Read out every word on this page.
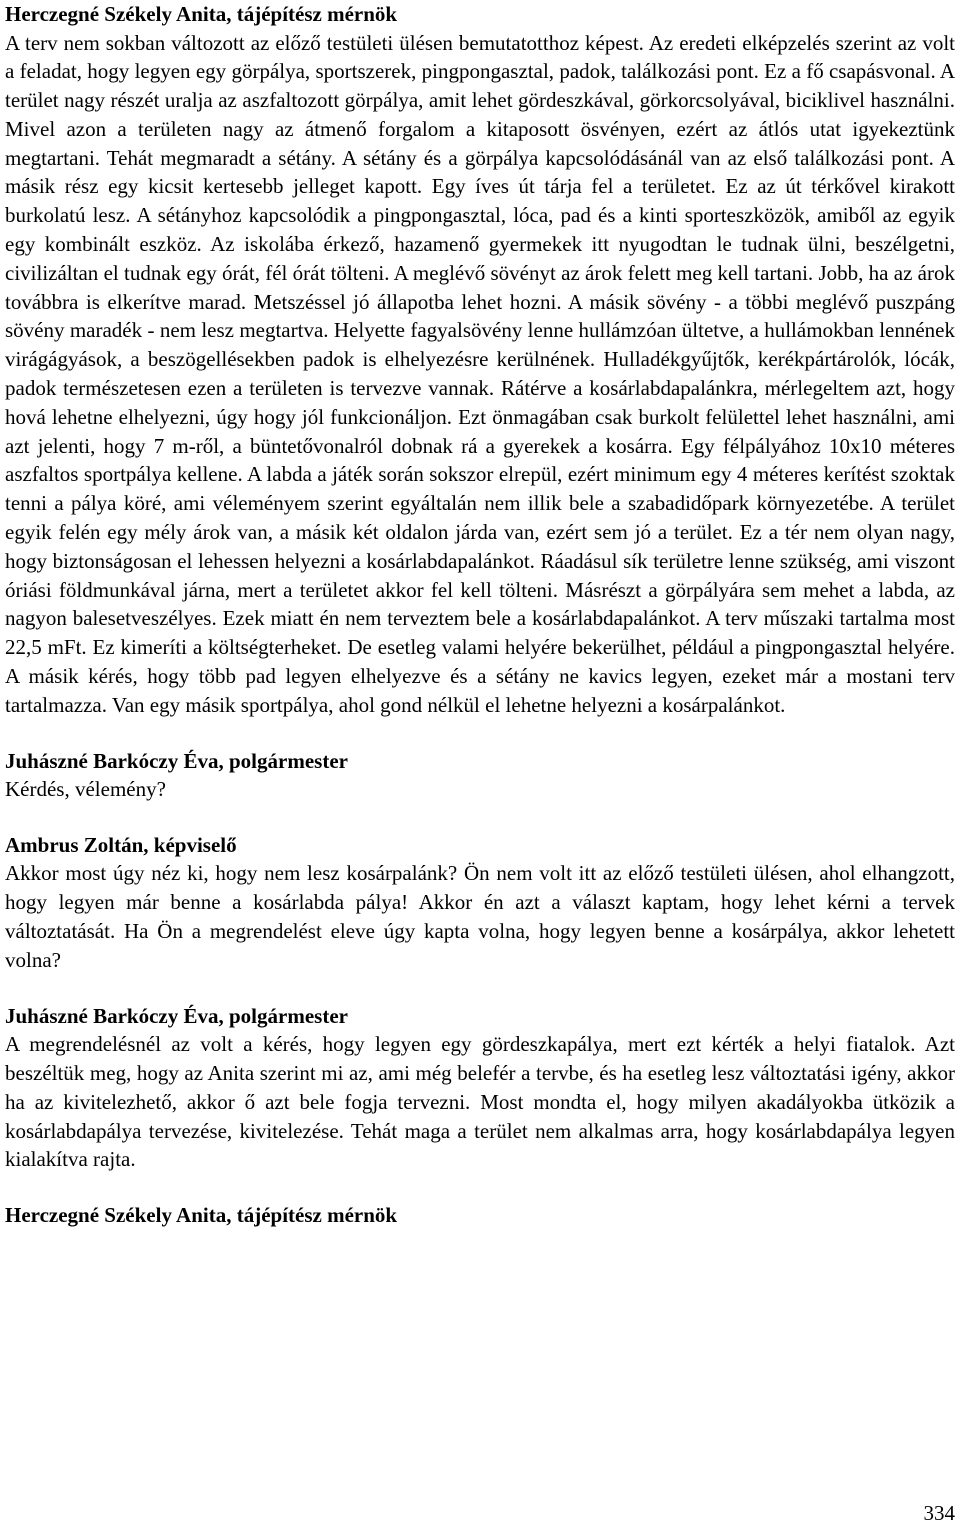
Herczegné Székely Anita, tájépítész mérnök

A terv nem sokban változott az előző testületi ülésen bemutatotthoz képest. Az eredeti elképzelés szerint az volt a feladat, hogy legyen egy görpálya, sportszerek, pingpongasztal, padok, találkozási pont. Ez a fő csapásvonal. A terület nagy részét uralja az aszfaltozott görpálya, amit lehet gördeszkával, görkorcsolyával, biciklivel használni. Mivel azon a területen nagy az átmenő forgalom a kitaposott ösvényen, ezért az átlós utat igyekeztünk megtartani. Tehát megmaradt a sétány. A sétány és a görpálya kapcsolódásánál van az első találkozási pont. A másik rész egy kicsit kertesebb jelleget kapott. Egy íves út tárja fel a területet. Ez az út térkővel kirakott burkolatú lesz. A sétányhoz kapcsolódik a pingpongasztal, lóca, pad és a kinti sporteszközök, amiből az egyik egy kombinált eszköz. Az iskolába érkező, hazamenő gyermekek itt nyugodtan le tudnak ülni, beszélgetni, civilizáltan el tudnak egy órát, fél órát tölteni. A meglévő sövényt az árok felett meg kell tartani. Jobb, ha az árok továbbra is elkerítve marad. Metszéssel jó állapotba lehet hozni. A másik sövény - a többi meglévő puszpáng sövény maradék - nem lesz megtartva. Helyette fagyalsövény lenne hullámzóan ültetve, a hullámokban lennének virágágyások, a beszögellésekben padok is elhelyezésre kerülnének. Hulladékgyűjtők, kerékpártárolók, lócák, padok természetesen ezen a területen is tervezve vannak. Rátérve a kosárlabdapalánkra, mérlegeltem azt, hogy hová lehetne elhelyezni, úgy hogy jól funkcionáljon. Ezt önmagában csak burkolt felülettel lehet használni, ami azt jelenti, hogy 7 m-ről, a büntetővonalról dobnak rá a gyerekek a kosárra. Egy félpályához 10x10 méteres aszfaltos sportpálya kellene. A labda a játék során sokszor elrepül, ezért minimum egy 4 méteres kerítést szoktak tenni a pálya köré, ami véleményem szerint egyáltalán nem illik bele a szabadidőpark környezetébe. A terület egyik felén egy mély árok van, a másik két oldalon járda van, ezért sem jó a terület. Ez a tér nem olyan nagy, hogy biztonságosan el lehessen helyezni a kosárlabdapalánkot. Ráadásul sík területre lenne szükség, ami viszont óriási földmunkával járna, mert a területet akkor fel kell tölteni. Másrészt a görpályára sem mehet a labda, az nagyon balesetveszélyes. Ezek miatt én nem terveztem bele a kosárlabdapalánkot. A terv műszaki tartalma most 22,5 mFt. Ez kimeríti a költségterheket. De esetleg valami helyére bekerülhet, például a pingpongasztal helyére. A másik kérés, hogy több pad legyen elhelyezve és a sétány ne kavics legyen, ezeket már a mostani terv tartalmazza. Van egy másik sportpálya, ahol gond nélkül el lehetne helyezni a kosárpalánkot.

Juhászné Barkóczy Éva, polgármester

Kérdés, vélemény?

Ambrus Zoltán, képviselő

Akkor most úgy néz ki, hogy nem lesz kosárpalánk? Ön nem volt itt az előző testületi ülésen, ahol elhangzott, hogy legyen már benne a kosárlabda pálya! Akkor én azt a választ kaptam, hogy lehet kérni a tervek változtatását. Ha Ön a megrendelést eleve úgy kapta volna, hogy legyen benne a kosárpálya, akkor lehetett volna?

Juhászné Barkóczy Éva, polgármester

A megrendelésnél az volt a kérés, hogy legyen egy gördeszkapálya, mert ezt kérték a helyi fiatalok. Azt beszéltük meg, hogy az Anita szerint mi az, ami még belefér a tervbe, és ha esetleg lesz változtatási igény, akkor ha az kivitelezhető, akkor ő azt bele fogja tervezni. Most mondta el, hogy milyen akadályokba ütközik a kosárlabdapálya tervezése, kivitelezése. Tehát maga a terület nem alkalmas arra, hogy kosárlabdapálya legyen kialakítva rajta.

Herczegné Székely Anita, tájépítész mérnök

334
